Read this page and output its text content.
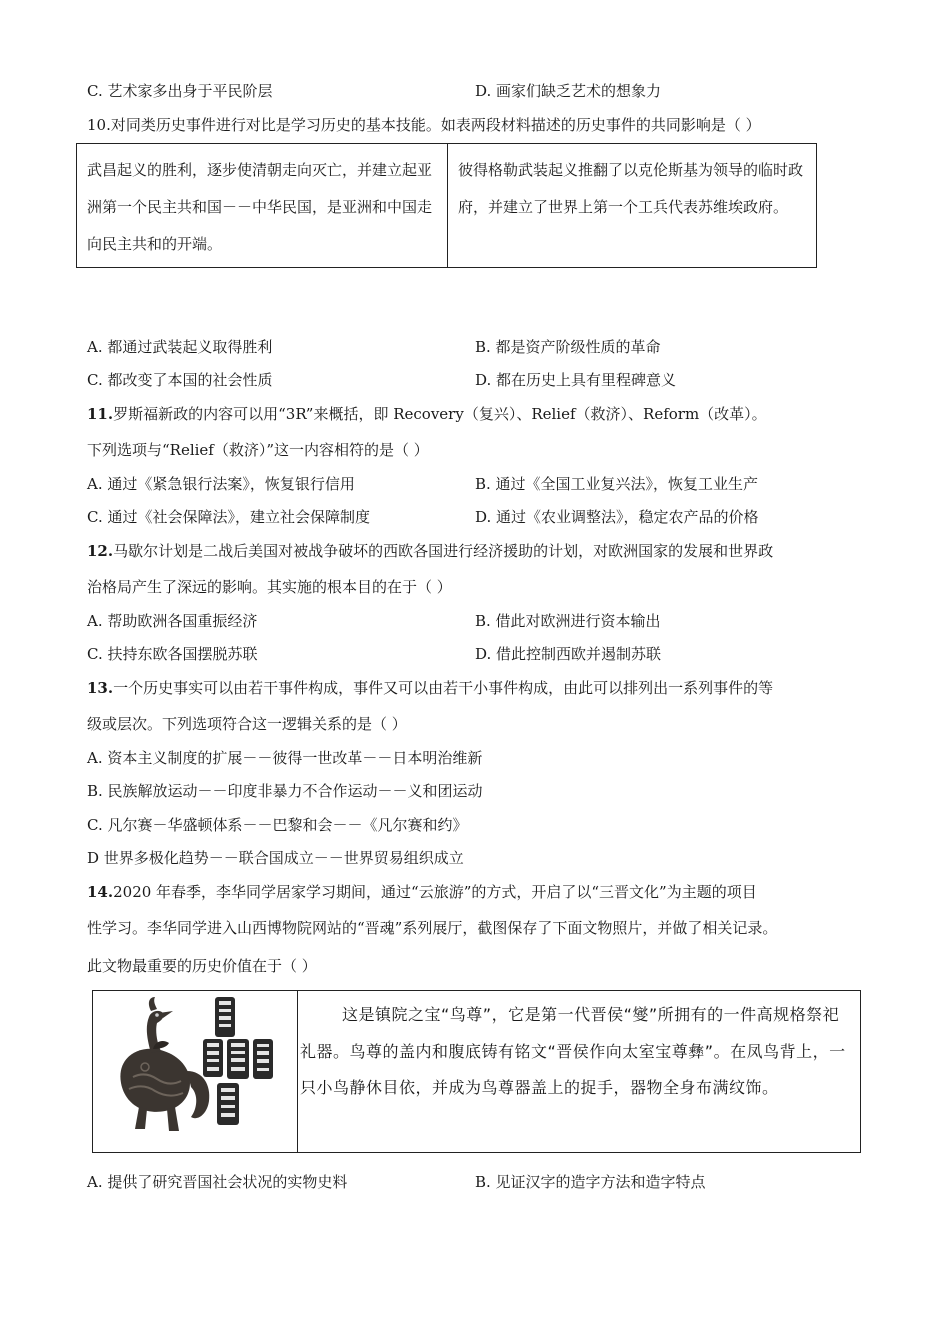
C. 艺术家多出身于平民阶层	D. 画家们缺乏艺术的想象力
10.对同类历史事件进行对比是学习历史的基本技能。如表两段材料描述的历史事件的共同影响是（ ）
武昌起义的胜利，逐步使清朝走向灭亡，并建立起亚洲第一个民主共和国－－中华民国，是亚洲和中国走向民主共和的开端。	彼得格勒武装起义推翻了以克伦斯基为领导的临时政府，并建立了世界上第一个工兵代表苏维埃政府。
A. 都通过武装起义取得胜利	B. 都是资产阶级性质的革命
C. 都改变了本国的社会性质	D. 都在历史上具有里程碑意义
11.罗斯福新政的内容可以用“3R”来概括，即 Recovery（复兴）、Relief（救济）、Reform（改革）。
下列选项与“Relief（救济）”这一内容相符的是（ ）
A. 通过《紧急银行法案》，恢复银行信用	B. 通过《全国工业复兴法》，恢复工业生产
C. 通过《社会保障法》，建立社会保障制度	D. 通过《农业调整法》，稳定农产品的价格
12.马歇尔计划是二战后美国对被战争破坏的西欧各国进行经济援助的计划，对欧洲国家的发展和世界政
治格局产生了深远的影响。其实施的根本目的在于（ ）
A. 帮助欧洲各国重振经济	B. 借此对欧洲进行资本输出
C. 扶持东欧各国摆脱苏联	D. 借此控制西欧并遏制苏联
13.一个历史事实可以由若干事件构成，事件又可以由若干小事件构成，由此可以排列出一系列事件的等
级或层次。下列选项符合这一逻辑关系的是（ ）
A. 资本主义制度的扩展－－彼得一世改革－－日本明治维新
B. 民族解放运动－－印度非暴力不合作运动－－义和团运动
C. 凡尔赛－华盛顿体系－－巴黎和会－－《凡尔赛和约》
D 世界多极化趋势－－联合国成立－－世界贸易组织成立
14.2020 年春季，李华同学居家学习期间，通过“云旅游”的方式，开启了以“三晋文化”为主题的项目
性学习。李华同学进入山西博物院网站的“晋魂”系列展厅，截图保存了下面文物照片，并做了相关记录。
此文物最重要的历史价值在于（ ）
这是镇院之宝“鸟尊”，它是第一代晋侯“燮”所拥有的一件高规格祭祀礼器。鸟尊的盖内和腹底铸有铭文“晋侯作向太室宝尊彝”。在凤鸟背上，一只小鸟静休目依，并成为鸟尊器盖上的捉手，器物全身布满纹饰。
A. 提供了研究晋国社会状况的实物史料	B. 见证汉字的造字方法和造字特点
